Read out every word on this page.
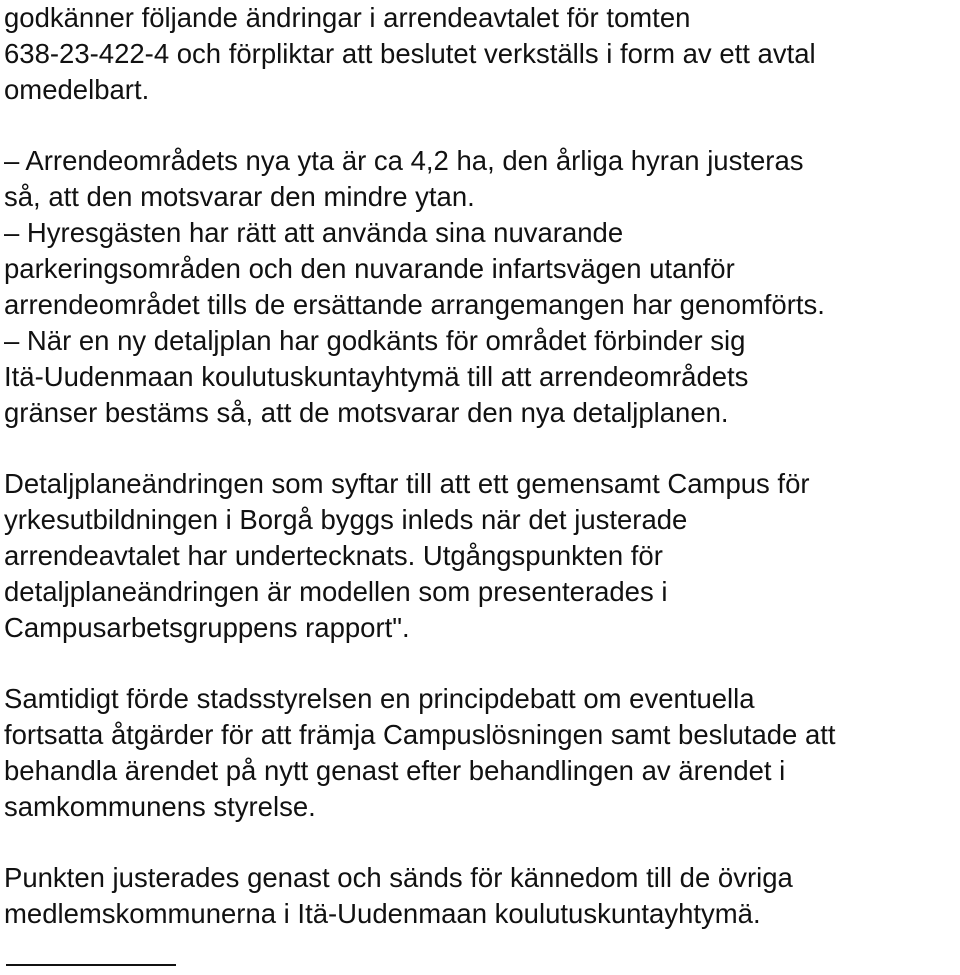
godkänner följande ändringar i arrendeavtalet för tomten

638-23-422-4 och förpliktar att beslutet verkställs i form av ett avtal

omedelbart.

– Arrendeområdets nya yta är ca 4,2 ha, den årliga hyran justeras

så, att den motsvarar den mindre ytan.

– Hyresgästen har rätt att använda sina nuvarande

parkeringsområden och den nuvarande infartsvägen utanför

arrendeområdet tills de ersättande arrangemangen har genomförts.

– När en ny detaljplan har godkänts för området förbinder sig

Itä-Uudenmaan koulutuskuntayhtymä till att arrendeområdets

gränser bestäms så, att de motsvarar den nya detaljplanen.

Detaljplaneändringen som syftar till att ett gemensamt Campus för

yrkesutbildningen i Borgå byggs inleds när det justerade

arrendeavtalet har undertecknats. Utgångspunkten för

detaljplaneändringen är modellen som presenterades i

Campusarbetsgruppens rapport".

Samtidigt förde stadsstyrelsen en principdebatt om eventuella

fortsatta åtgärder för att främja Campuslösningen samt beslutade att

behandla ärendet på nytt genast efter behandlingen av ärendet i

samkommunens styrelse.

Punkten justerades genast och sänds för kännedom till de övriga

medlemskommunerna i Itä-Uudenmaan koulutuskuntayhtymä.
